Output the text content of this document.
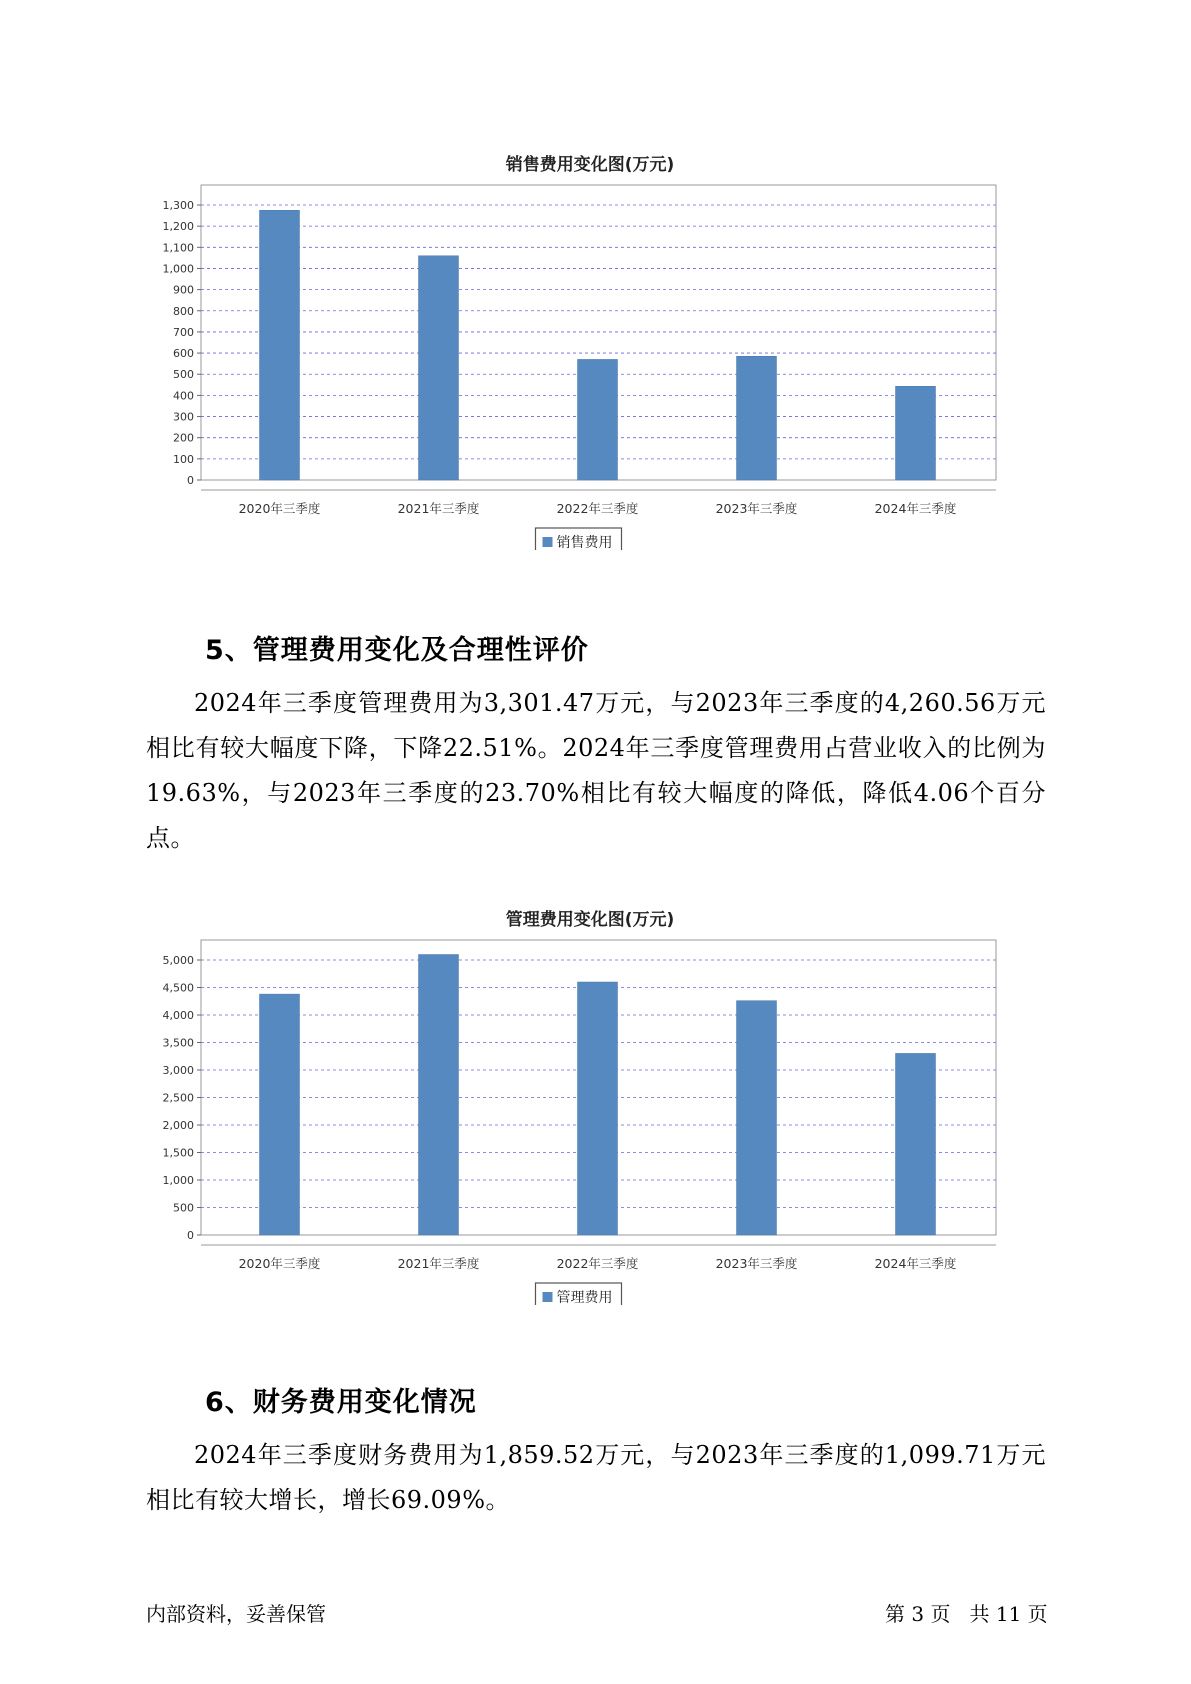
销售费用变化图(万元)
0
100
200
300
400
500
600
700
800
900
1,000
1,100
1,200
1,300
2020年三季度	2021年三季度	2022年三季度	2023年三季度	2024年三季度
销售费用
5、管理费用变化及合理性评价
2024年三季度管理费用为3,301.47万元，与2023年三季度的4,260.56万元相比有较大幅度下降，下降22.51%。2024年三季度管理费用占营业收入的比例为19.63%，与2023年三季度的23.70%相比有较大幅度的降低，降低4.06个百分点。
管理费用变化图(万元)
0
500
1,000
1,500
2,000
2,500
3,000
3,500
4,000
4,500
5,000
2020年三季度	2021年三季度	2022年三季度	2023年三季度	2024年三季度
管理费用
6、财务费用变化情况
2024年三季度财务费用为1,859.52万元，与2023年三季度的1,099.71万元相比有较大增长，增长69.09%。
内部资料，妥善保管	第 3 页   共 11 页
